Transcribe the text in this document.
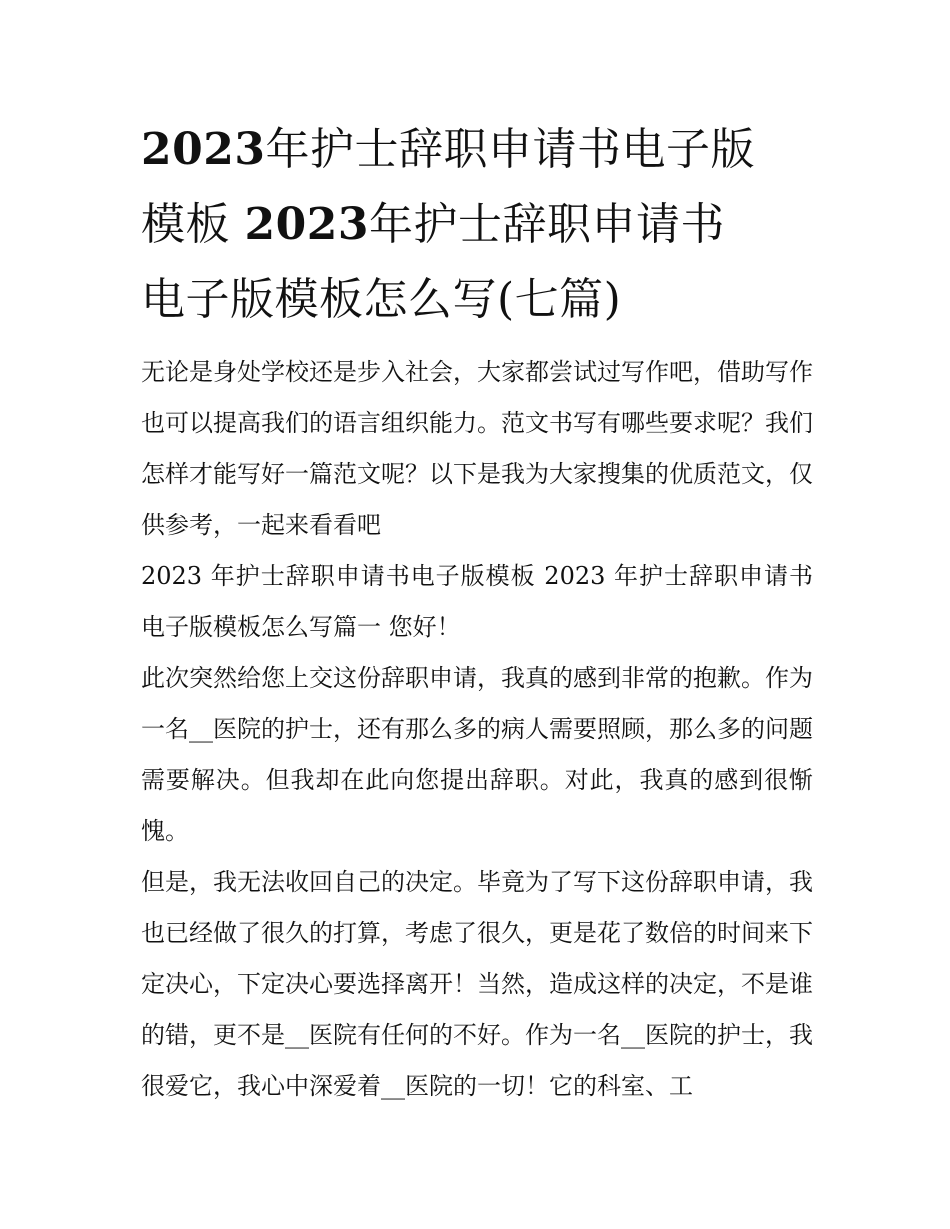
2023年护士辞职申请书电子版
模板 2023年护士辞职申请书
电子版模板怎么写(七篇)

无论是身处学校还是步入社会，大家都尝试过写作吧，借助写作也可以提高我们的语言组织能力。范文书写有哪些要求呢？我们怎样才能写好一篇范文呢？以下是我为大家搜集的优质范文，仅供参考，一起来看看吧

2023 年护士辞职申请书电子版模板 2023 年护士辞职申请书电子版模板怎么写篇一 您好！

此次突然给您上交这份辞职申请，我真的感到非常的抱歉。作为一名__医院的护士，还有那么多的病人需要照顾，那么多的问题需要解决。但我却在此向您提出辞职。对此，我真的感到很惭愧。

但是，我无法收回自己的决定。毕竟为了写下这份辞职申请，我也已经做了很久的打算，考虑了很久，更是花了数倍的时间来下定决心，下定决心要选择离开！当然，造成这样的决定，不是谁的错，更不是__医院有任何的不好。作为一名__医院的护士，我很爱它，我心中深爱着__医院的一切！它的科室、工
